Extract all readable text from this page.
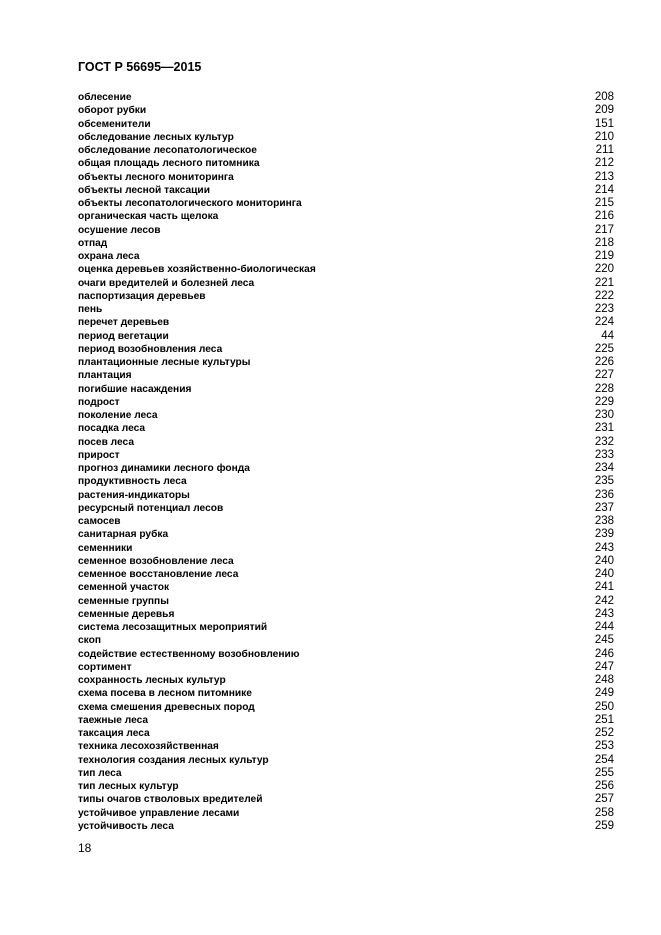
ГОСТ Р 56695—2015
облесение	208
оборот рубки	209
обсеменители	151
обследование лесных культур	210
обследование лесопатологическое	211
общая площадь лесного питомника	212
объекты лесного мониторинга	213
объекты лесной таксации	214
объекты лесопатологического мониторинга	215
органическая часть щелока	216
осушение лесов	217
отпад	218
охрана леса	219
оценка деревьев хозяйственно-биологическая	220
очаги вредителей и болезней леса	221
паспортизация деревьев	222
пень	223
перечет деревьев	224
период вегетации	44
период возобновления леса	225
плантационные лесные культуры	226
плантация	227
погибшие насаждения	228
подрост	229
поколение леса	230
посадка леса	231
посев леса	232
прирост	233
прогноз динамики лесного фонда	234
продуктивность леса	235
растения-индикаторы	236
ресурсный потенциал лесов	237
самосев	238
санитарная рубка	239
семенники	243
семенное возобновление леса	240
семенное восстановление леса	240
семенной участок	241
семенные группы	242
семенные деревья	243
система лесозащитных мероприятий	244
скоп	245
содействие естественному возобновлению	246
сортимент	247
сохранность лесных культур	248
схема посева в лесном питомнике	249
схема смешения древесных пород	250
таежные леса	251
таксация леса	252
техника лесохозяйственная	253
технология создания лесных культур	254
тип леса	255
тип лесных культур	256
типы очагов стволовых вредителей	257
устойчивое управление лесами	258
устойчивость леса	259
18
